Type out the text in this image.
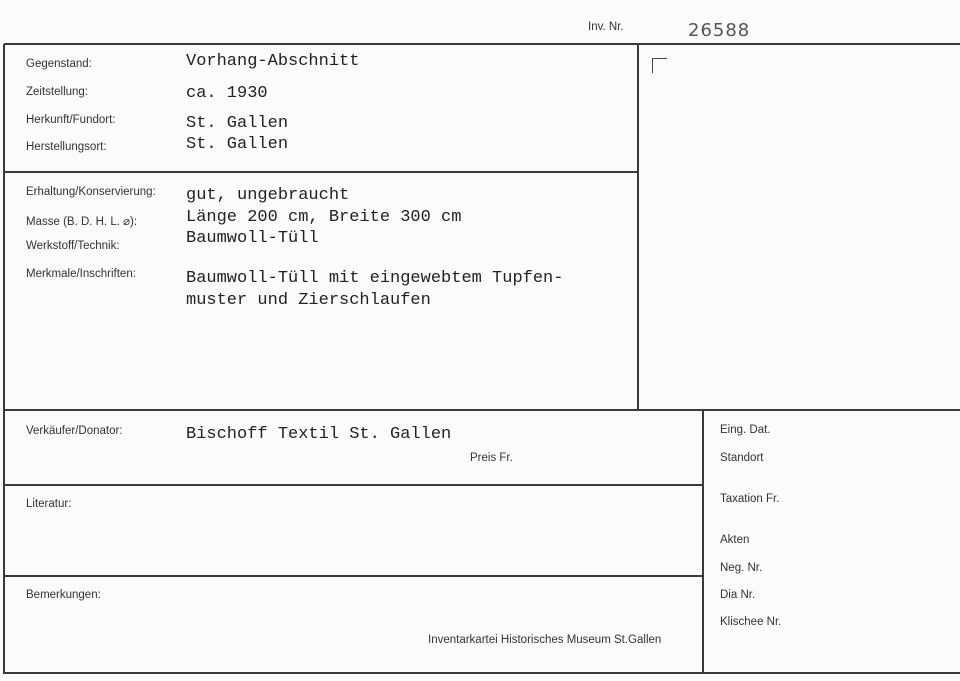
Inv. Nr.	26588
Gegenstand:	Vorhang-Abschnitt
Zeitstellung:	ca. 1930
Herkunft/Fundort:	St. Gallen
Herstellungsort:	St. Gallen
Erhaltung/Konservierung: gut, ungebraucht
Masse (B. D. H. L. ⌀):	Länge 200 cm, Breite 300 cm
Werkstoff/Technik:	Baumwoll-Tüll
Merkmale/Inschriften:	Baumwoll-Tüll mit eingewebtem Tupfen-
muster und Zierschlaufen
Verkäufer/Donator:	Bischoff Textil St. Gallen
Preis Fr.
Literatur:
Bemerkungen:
Inventarkartei Historisches Museum St.Gallen
Eing. Dat.
Standort
Taxation Fr.
Akten
Neg. Nr.
Dia Nr.
Klischee Nr.
